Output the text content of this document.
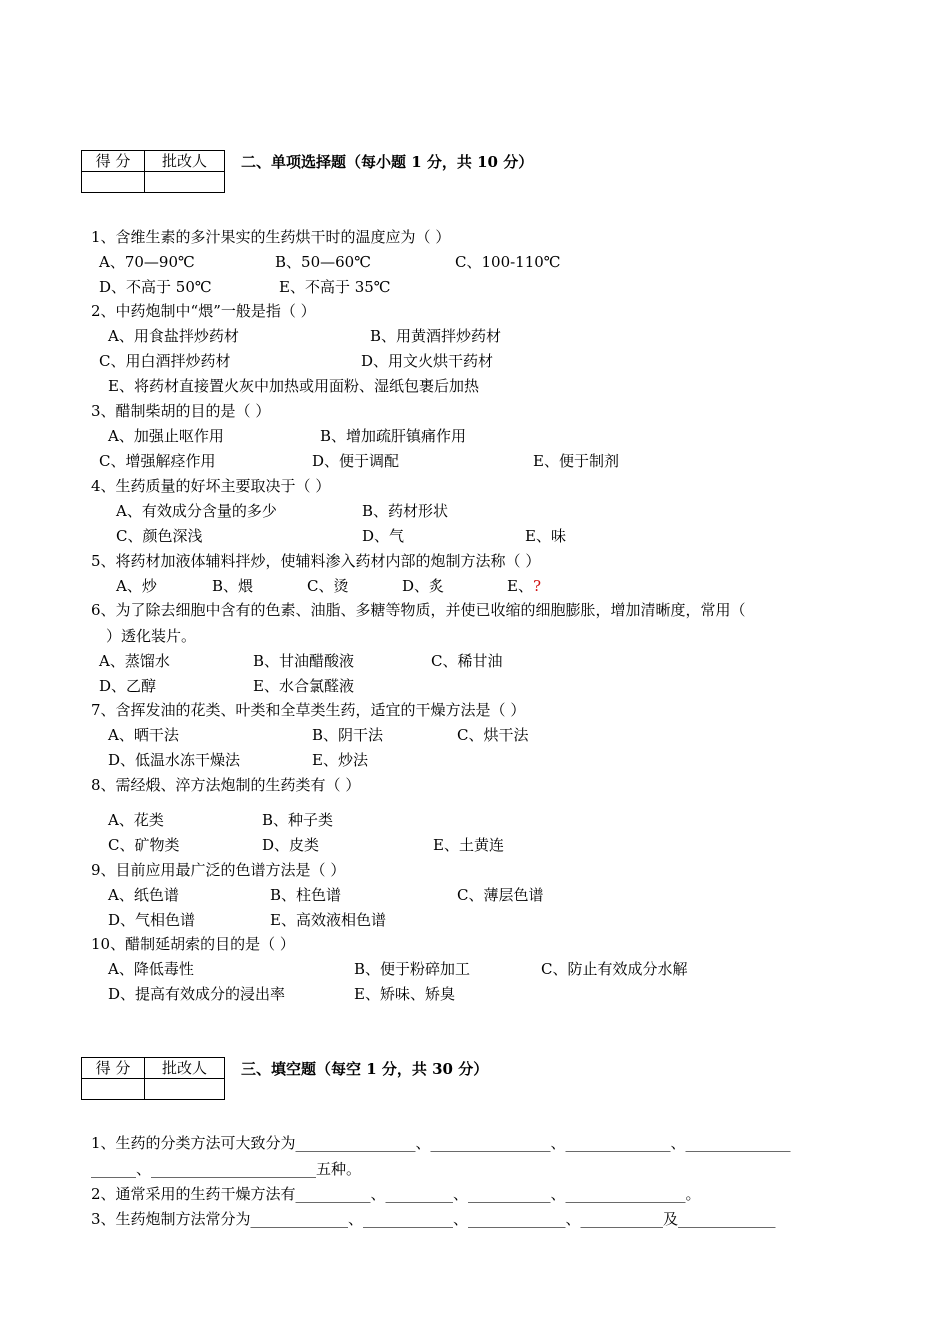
得 分	批改人
	二、单项选择题（每小题 1 分，共 10 分）
1、含维生素的多汁果实的生药烘干时的温度应为（ ）
A、70—90℃	B、50—60℃	C、100-110℃
D、不高于 50℃	E、不高于 35℃
2、中药炮制中“煨”一般是指（ ）
A、用食盐拌炒药材	B、用黄酒拌炒药材
C、用白酒拌炒药材	D、用文火烘干药材
E、将药材直接置火灰中加热或用面粉、湿纸包裹后加热
3、醋制柴胡的目的是（ ）
A、加强止呕作用	B、增加疏肝镇痛作用
C、增强解痉作用	D、便于调配	E、便于制剂
4、生药质量的好坏主要取决于（ ）
A、有效成分含量的多少	B、药材形状
C、颜色深浅	D、气	E、味
5、将药材加液体辅料拌炒，使辅料渗入药材内部的炮制方法称（ ）
A、炒	B、煨	C、烫	D、炙	E、?
6、为了除去细胞中含有的色素、油脂、多糖等物质，并使已收缩的细胞膨胀，增加清晰度，常用（
）透化装片。
A、蒸馏水	B、甘油醋酸液	C、稀甘油
D、乙醇	E、水合氯醛液
7、含挥发油的花类、叶类和全草类生药，适宜的干燥方法是（ ）
A、晒干法	B、阴干法	C、烘干法
D、低温水冻干燥法	E、炒法
8、需经煅、淬方法炮制的生药类有（ ）
A、花类	B、种子类
C、矿物类	D、皮类	E、土黄连
9、目前应用最广泛的色谱方法是（ ）
A、纸色谱	B、柱色谱	C、薄层色谱
D、气相色谱	E、高效液相色谱
10、醋制延胡索的目的是（ ）
A、降低毒性	B、便于粉碎加工	C、防止有效成分水解
D、提高有效成分的浸出率	E、矫味、矫臭
得 分	批改人
	三、填空题（每空 1 分，共 30 分）
1、生药的分类方法可大致分为________________、________________、______________、______________
______、______________________五种。
2、通常采用的生药干燥方法有__________、_________、___________、________________。
3、生药炮制方法常分为_____________、____________、_____________、___________及_____________
